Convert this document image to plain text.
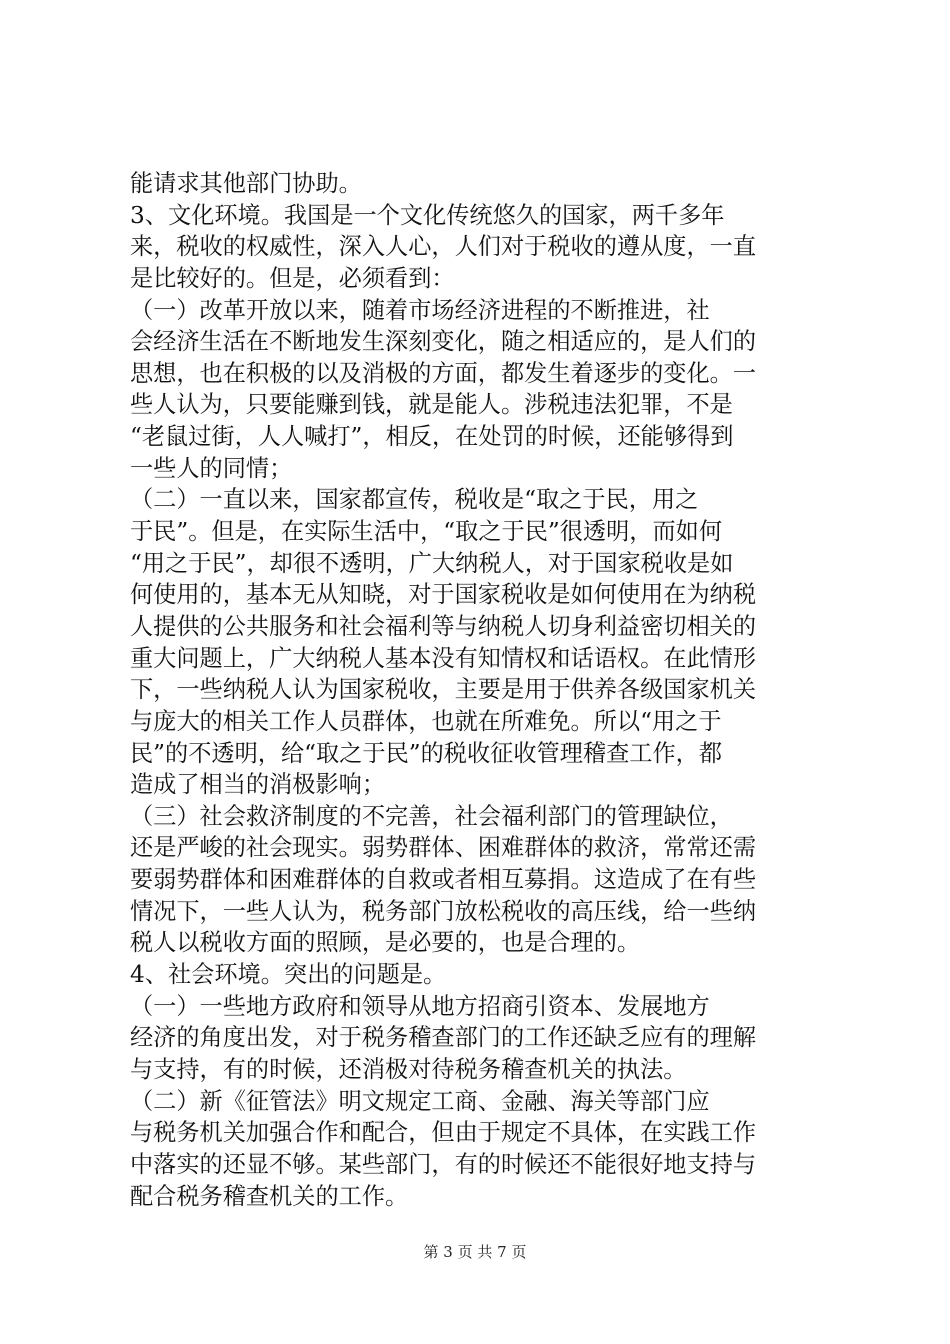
能请求其他部门协助。
3、文化环境。我国是一个文化传统悠久的国家，两千多年
来，税收的权威性，深入人心，人们对于税收的遵从度，一直
是比较好的。但是，必须看到：
（一）改革开放以来，随着市场经济进程的不断推进，社
会经济生活在不断地发生深刻变化，随之相适应的，是人们的
思想，也在积极的以及消极的方面，都发生着逐步的变化。一
些人认为，只要能赚到钱，就是能人。涉税违法犯罪，不是
“老鼠过街，人人喊打”，相反，在处罚的时候，还能够得到
一些人的同情；
（二）一直以来，国家都宣传，税收是“取之于民，用之
于民”。但是，在实际生活中，“取之于民”很透明，而如何
“用之于民”，却很不透明，广大纳税人，对于国家税收是如
何使用的，基本无从知晓，对于国家税收是如何使用在为纳税
人提供的公共服务和社会福利等与纳税人切身利益密切相关的
重大问题上，广大纳税人基本没有知情权和话语权。在此情形
下，一些纳税人认为国家税收，主要是用于供养各级国家机关
与庞大的相关工作人员群体，也就在所难免。所以“用之于
民”的不透明，给“取之于民”的税收征收管理稽查工作，都
造成了相当的消极影响；
（三）社会救济制度的不完善，社会福利部门的管理缺位，
还是严峻的社会现实。弱势群体、困难群体的救济，常常还需
要弱势群体和困难群体的自救或者相互募捐。这造成了在有些
情况下，一些人认为，税务部门放松税收的高压线，给一些纳
税人以税收方面的照顾，是必要的，也是合理的。
4、社会环境。突出的问题是。
（一）一些地方政府和领导从地方招商引资本、发展地方
经济的角度出发，对于税务稽查部门的工作还缺乏应有的理解
与支持，有的时候，还消极对待税务稽查机关的执法。
（二）新《征管法》明文规定工商、金融、海关等部门应
与税务机关加强合作和配合，但由于规定不具体，在实践工作
中落实的还显不够。某些部门，有的时候还不能很好地支持与
配合税务稽查机关的工作。
第 3 页 共 7 页
